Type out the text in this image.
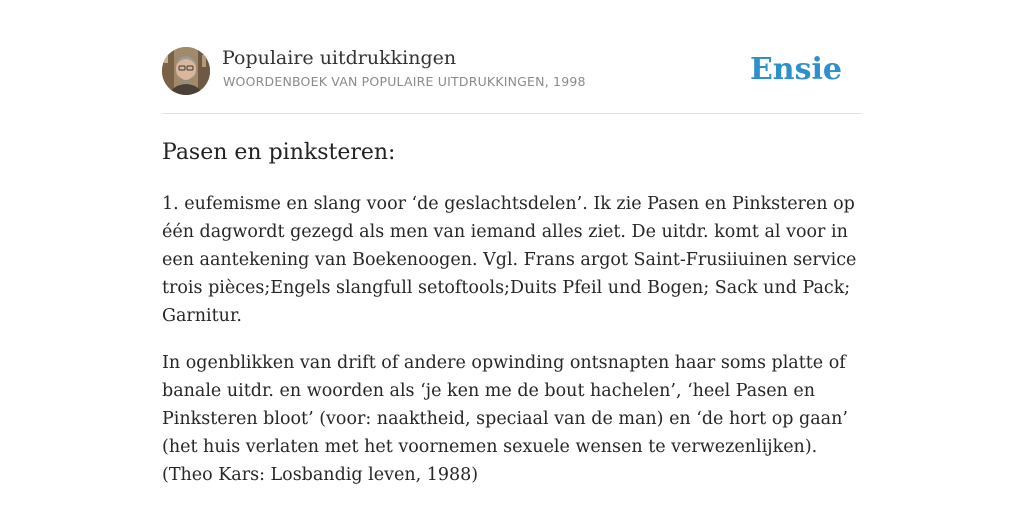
Populaire uitdrukkingen
WOORDENBOEK VAN POPULAIRE UITDRUKKINGEN, 1998	Ensie
Pasen en pinksteren:

1. eufemisme en slang voor ‘de geslachtsdelen’. Ik zie Pasen en Pinksteren op één dagwordt gezegd als men van iemand alles ziet. De uitdr. komt al voor in een aantekening van Boekenoogen. Vgl. Frans argot Saint-Frusiiuinen service trois pièces;Engels slangfull setoftools;Duits Pfeil und Bogen; Sack und Pack; Garnitur.

In ogenblikken van drift of andere opwinding ontsnapten haar soms platte of banale uitdr. en woorden als ‘je ken me de bout hachelen’, ‘heel Pasen en Pinksteren bloot’ (voor: naaktheid, speciaal van de man) en ‘de hort op gaan’ (het huis verlaten met het voornemen sexuele wensen te verwezenlijken). (Theo Kars: Losbandig leven, 1988)
